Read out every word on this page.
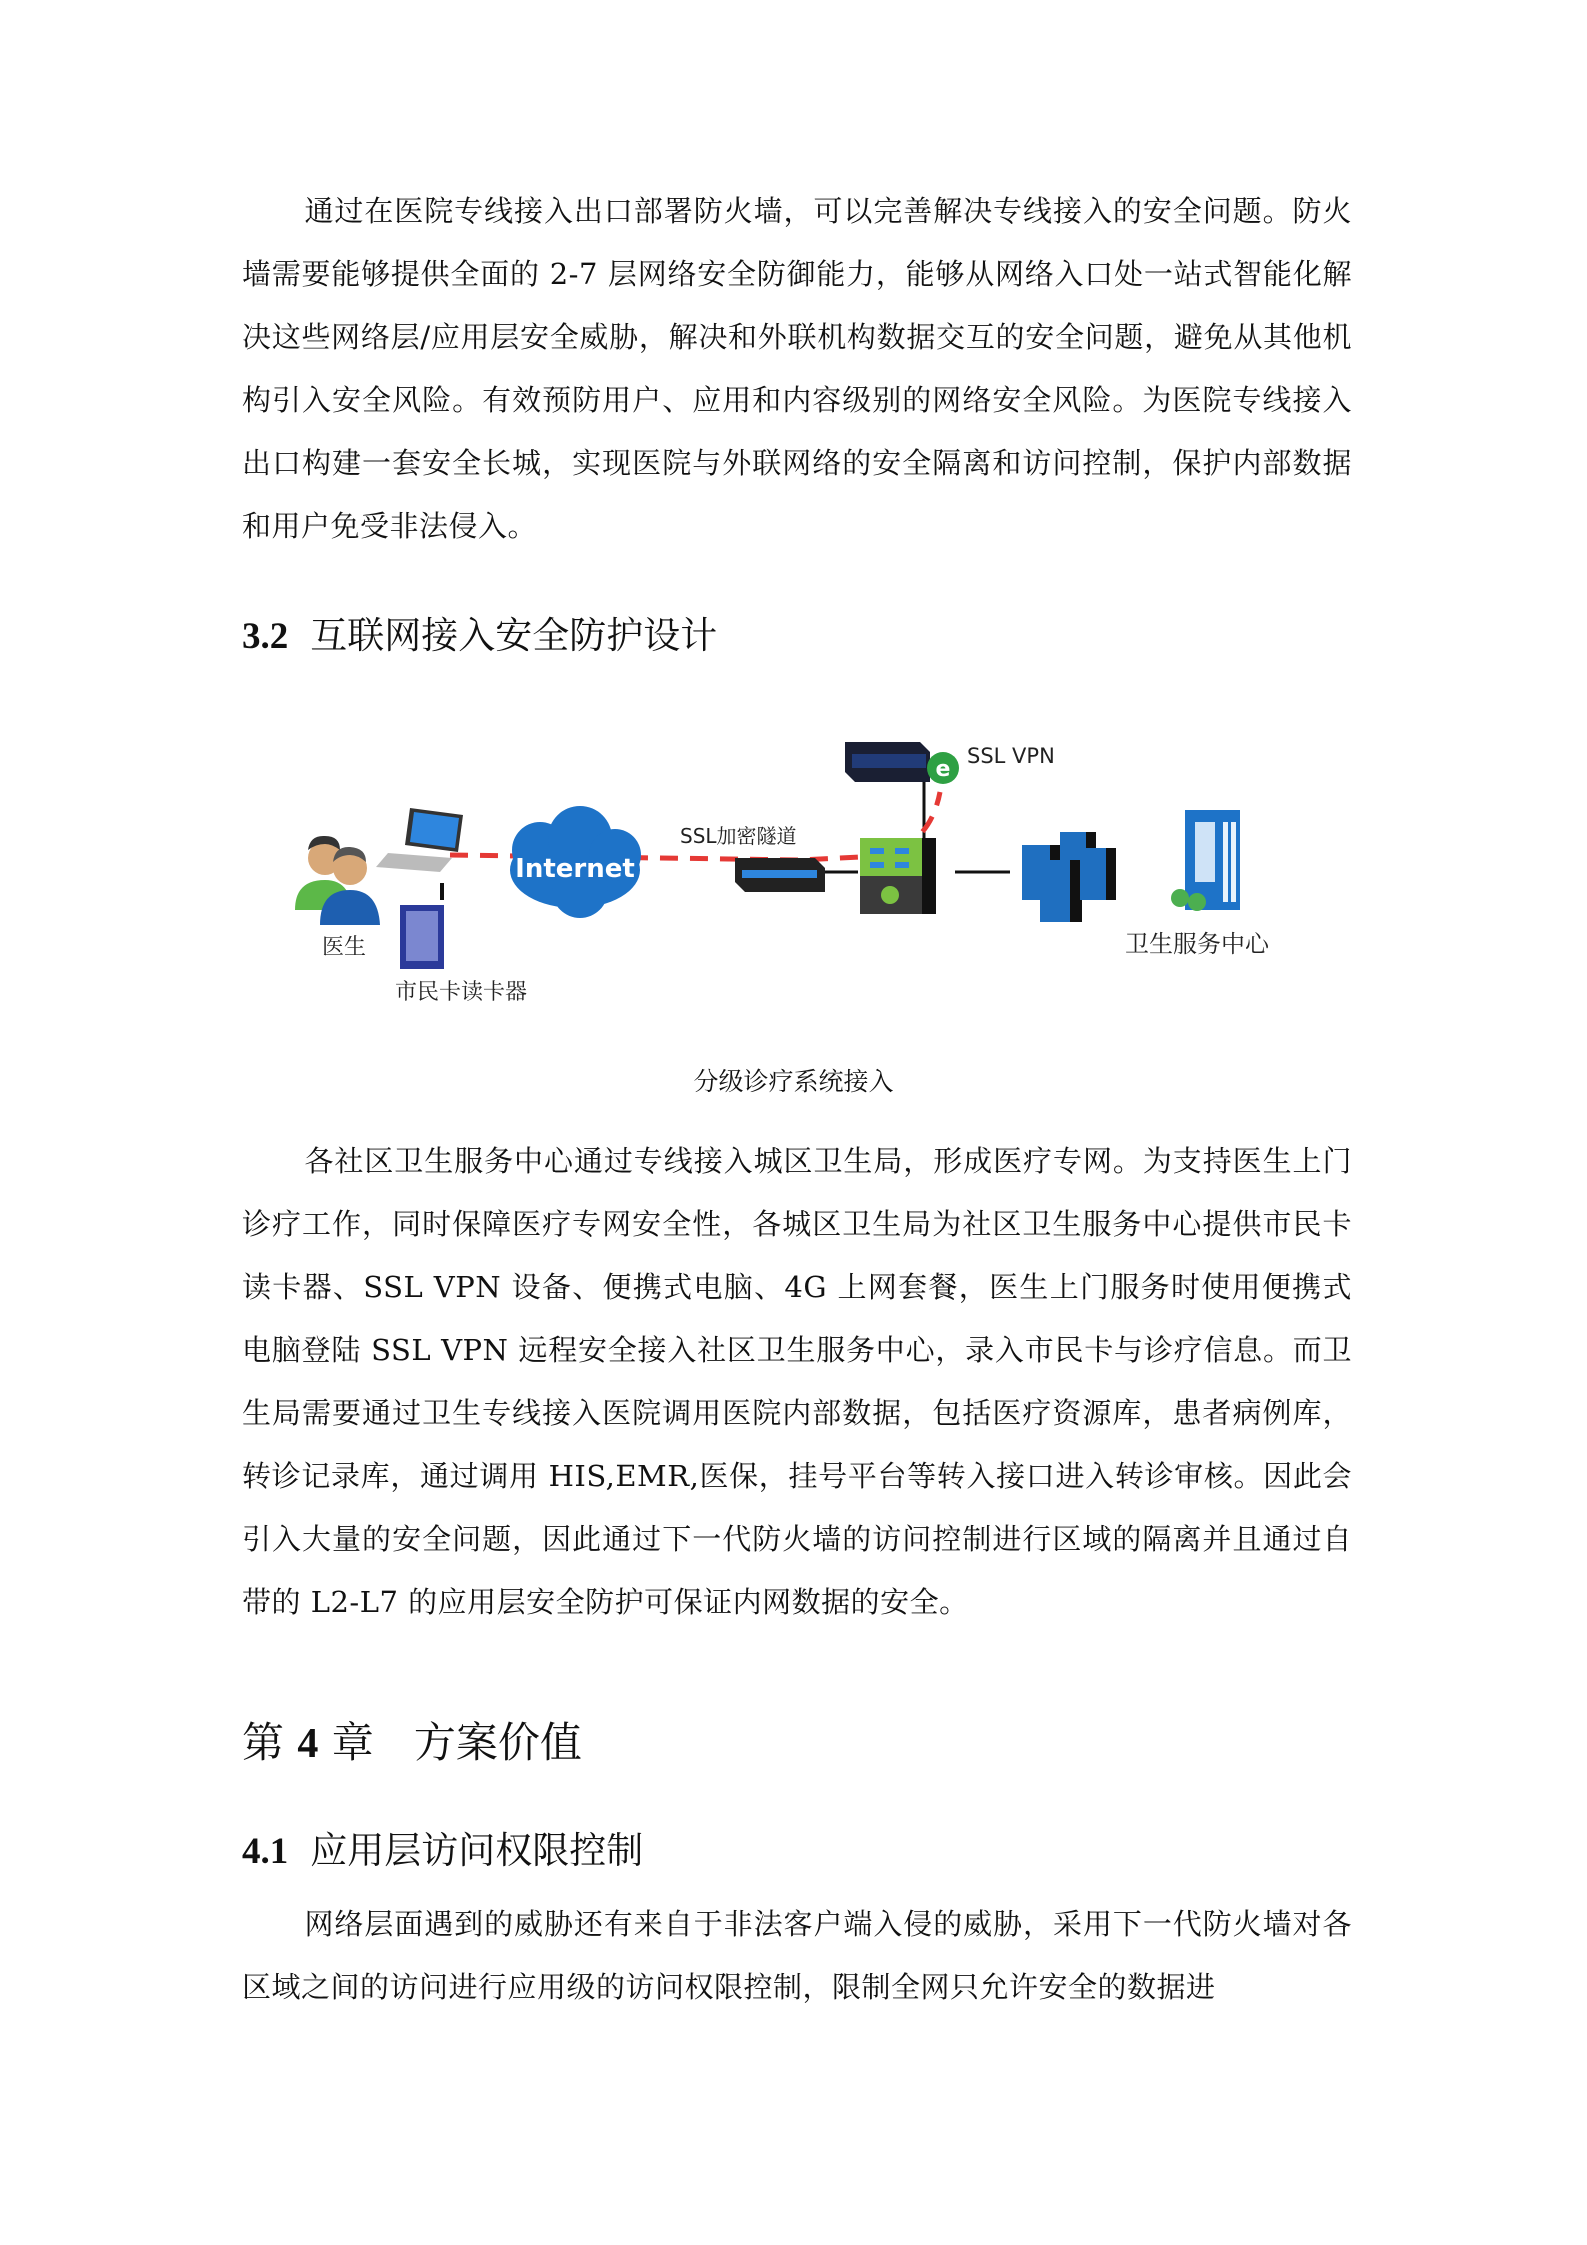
通过在医院专线接入出口部署防火墙，可以完善解决专线接入的安全问题。防火墙需要能够提供全面的 2-7 层网络安全防御能力，能够从网络入口处一站式智能化解决这些网络层/应用层安全威胁，解决和外联机构数据交互的安全问题，避免从其他机构引入安全风险。有效预防用户、应用和内容级别的网络安全风险。为医院专线接入出口构建一套安全长城，实现医院与外联网络的安全隔离和访问控制，保护内部数据和用户免受非法侵入。

3.2 互联网接入安全防护设计
Internet
e
医生
市民卡读卡器
SSL加密隧道
SSL VPN
卫生服务中心
分级诊疗系统接入

各社区卫生服务中心通过专线接入城区卫生局，形成医疗专网。为支持医生上门诊疗工作，同时保障医疗专网安全性，各城区卫生局为社区卫生服务中心提供市民卡读卡器、SSL VPN 设备、便携式电脑、4G 上网套餐，医生上门服务时使用便携式电脑登陆 SSL VPN 远程安全接入社区卫生服务中心，录入市民卡与诊疗信息。而卫生局需要通过卫生专线接入医院调用医院内部数据，包括医疗资源库，患者病例库，转诊记录库，通过调用 HIS,EMR,医保，挂号平台等转入接口进入转诊审核。因此会引入大量的安全问题，因此通过下一代防火墙的访问控制进行区域的隔离并且通过自带的 L2-L7 的应用层安全防护可保证内网数据的安全。

第 4 章 方案价值
4.1 应用层访问权限控制

网络层面遇到的威胁还有来自于非法客户端入侵的威胁，采用下一代防火墙对各区域之间的访问进行应用级的访问权限控制，限制全网只允许安全的数据进
